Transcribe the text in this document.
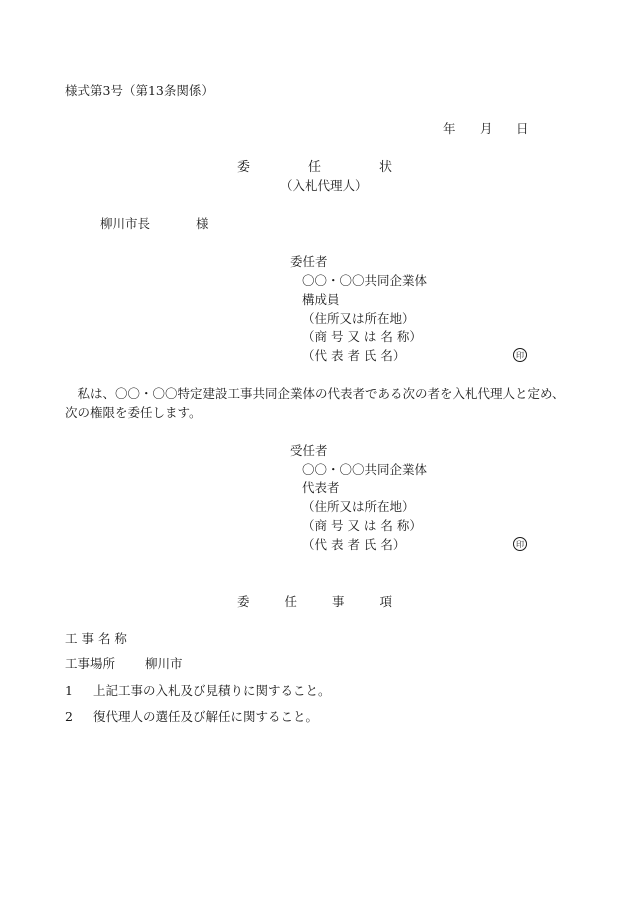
様式第3号（第13条関係）
年 月 日
委	任	状
（入札代理人）
柳川市長	様
委任者
〇〇・〇〇共同企業体
構成員
（住所又は所在地）
（商 号 又 は 名 称）
（代 表 者 氏 名）	印
　私は、〇〇・〇〇特定建設工事共同企業体の代表者である次の者を入札代理人と定め、
次の権限を委任します。
受任者
〇〇・〇〇共同企業体
代表者
（住所又は所在地）
（商 号 又 は 名 称）
（代 表 者 氏 名）	印
委	任	事	項
工 事 名 称
工事場所 柳川市
1 上記工事の入札及び見積りに関すること。
2 復代理人の選任及び解任に関すること。
